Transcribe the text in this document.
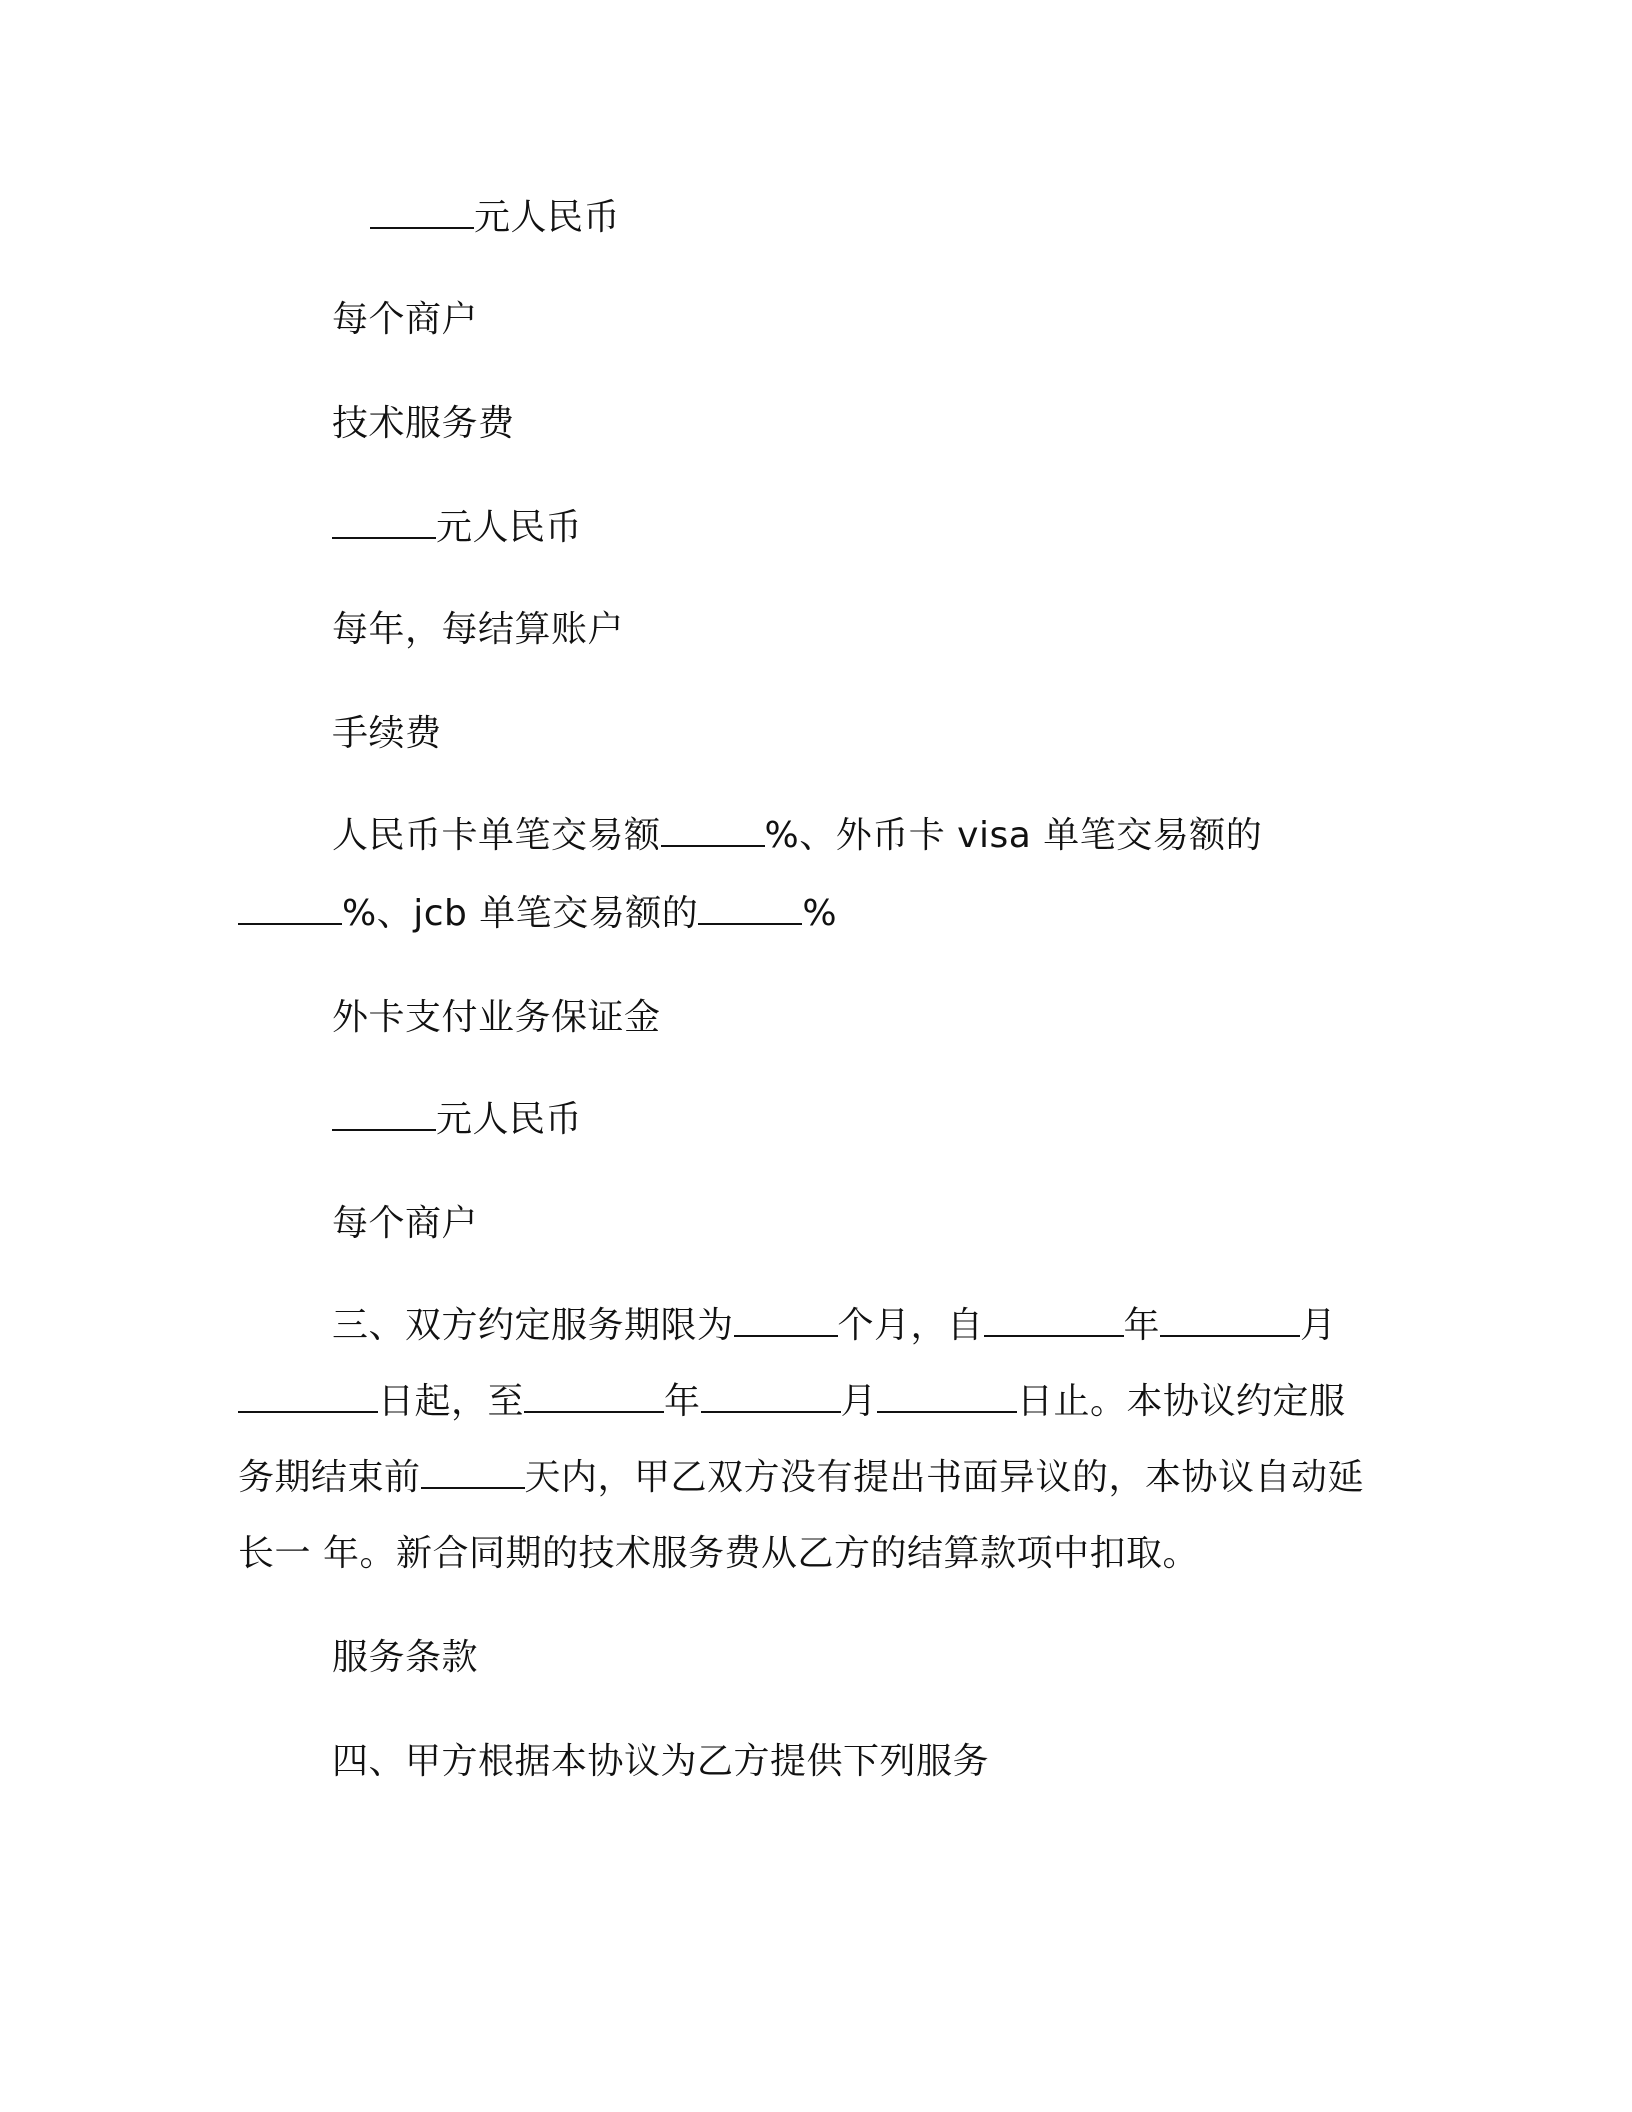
元人民币
每个商户
技术服务费
元人民币
每年，每结算账户
手续费
人民币卡单笔交易额	%、外币卡 visa 单笔交易额的
%、jcb 单笔交易额的	%
外卡支付业务保证金
元人民币
每个商户
三、双方约定服务期限为	个月，自	年	月
日起，至	年	月	日止。本协议约定服
务期结束前	天内，甲乙双方没有提出书面异议的，本协议自动延
长一 年。新合同期的技术服务费从乙方的结算款项中扣取。
服务条款
四、甲方根据本协议为乙方提供下列服务
